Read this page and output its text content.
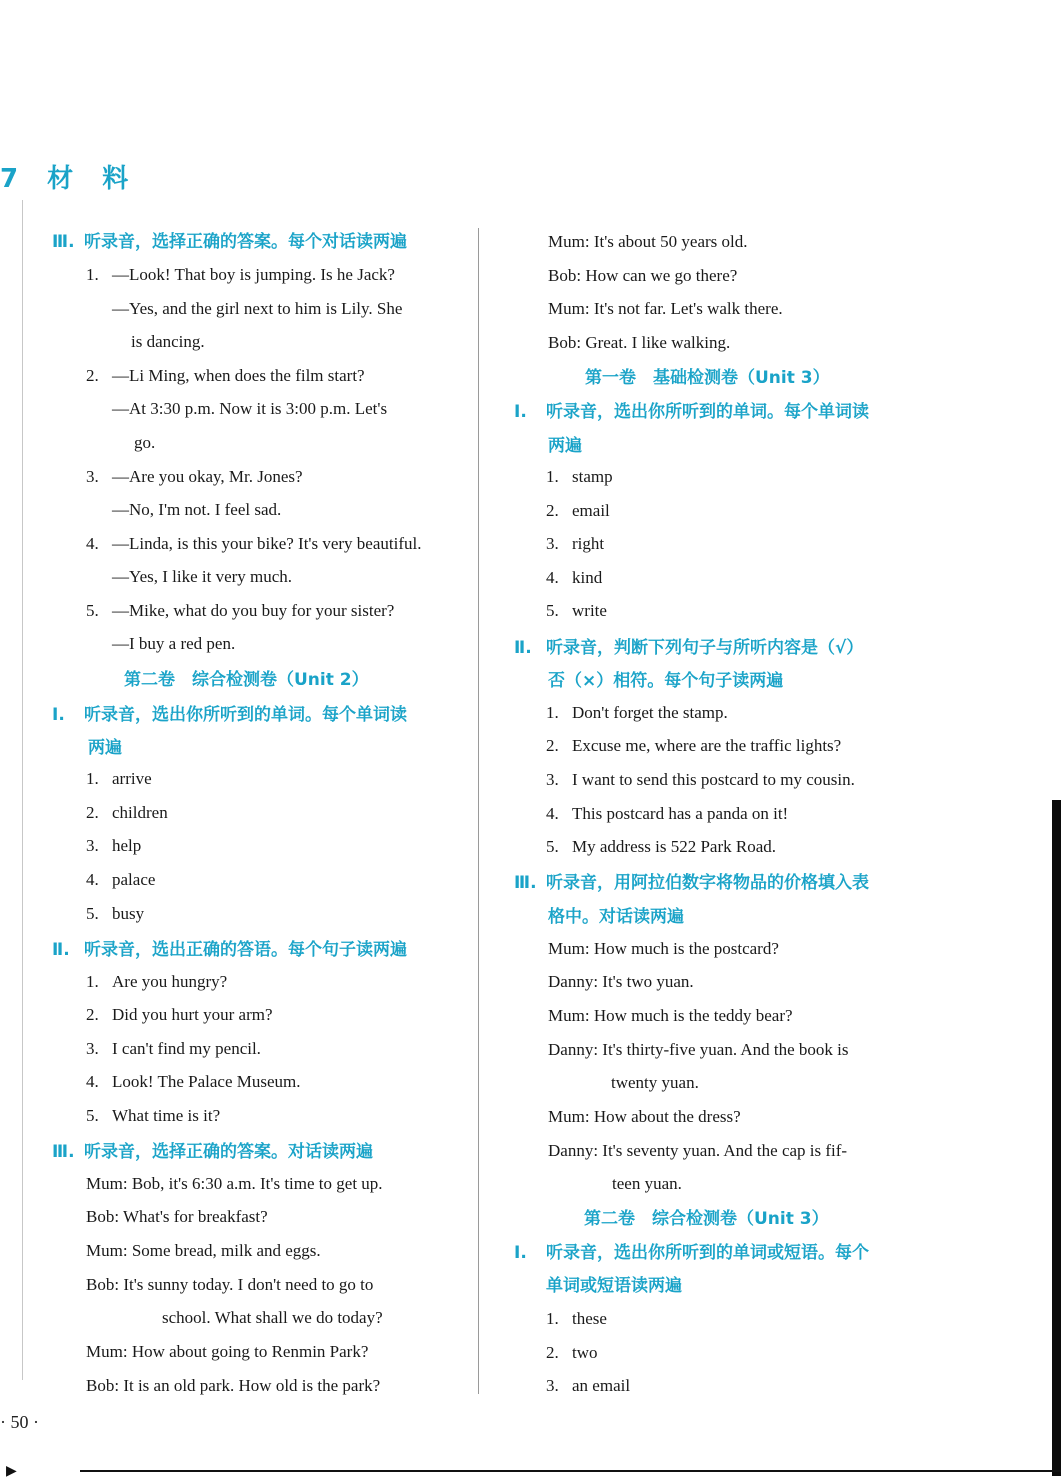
7 材 料
▶
· 50 ·
Ⅲ. 听录音，选择正确的答案。每个对话读两遍
1. —Look! That boy is jumping. Is he Jack?
—Yes, and the girl next to him is Lily. She
is dancing.
2. —Li Ming, when does the film start?
—At 3:30 p.m. Now it is 3:00 p.m. Let's
go.
3. —Are you okay, Mr. Jones?
—No, I'm not. I feel sad.
4. —Linda, is this your bike? It's very beautiful.
—Yes, I like it very much.
5. —Mike, what do you buy for your sister?
—I buy a red pen.
第二卷　综合检测卷（Unit 2）
Ⅰ. 听录音，选出你所听到的单词。每个单词读
两遍
1. arrive
2. children
3. help
4. palace
5. busy
Ⅱ. 听录音，选出正确的答语。每个句子读两遍
1. Are you hungry?
2. Did you hurt your arm?
3. I can't find my pencil.
4. Look! The Palace Museum.
5. What time is it?
Ⅲ. 听录音，选择正确的答案。对话读两遍
Mum: Bob, it's 6:30 a.m. It's time to get up.
Bob: What's for breakfast?
Mum: Some bread, milk and eggs.
Bob: It's sunny today. I don't need to go to
school. What shall we do today?
Mum: How about going to Renmin Park?
Bob: It is an old park. How old is the park?
Mum: It's about 50 years old.
Bob: How can we go there?
Mum: It's not far. Let's walk there.
Bob: Great. I like walking.
第一卷　基础检测卷（Unit 3）
Ⅰ. 听录音，选出你所听到的单词。每个单词读
两遍
1. stamp
2. email
3. right
4. kind
5. write
Ⅱ. 听录音，判断下列句子与所听内容是（√）
否（×）相符。每个句子读两遍
1. Don't forget the stamp.
2. Excuse me, where are the traffic lights?
3. I want to send this postcard to my cousin.
4. This postcard has a panda on it!
5. My address is 522 Park Road.
Ⅲ. 听录音，用阿拉伯数字将物品的价格填入表
格中。对话读两遍
Mum: How much is the postcard?
Danny: It's two yuan.
Mum: How much is the teddy bear?
Danny: It's thirty-five yuan. And the book is
twenty yuan.
Mum: How about the dress?
Danny: It's seventy yuan. And the cap is fif-
teen yuan.
第二卷　综合检测卷（Unit 3）
Ⅰ. 听录音，选出你所听到的单词或短语。每个
单词或短语读两遍
1. these
2. two
3. an email
